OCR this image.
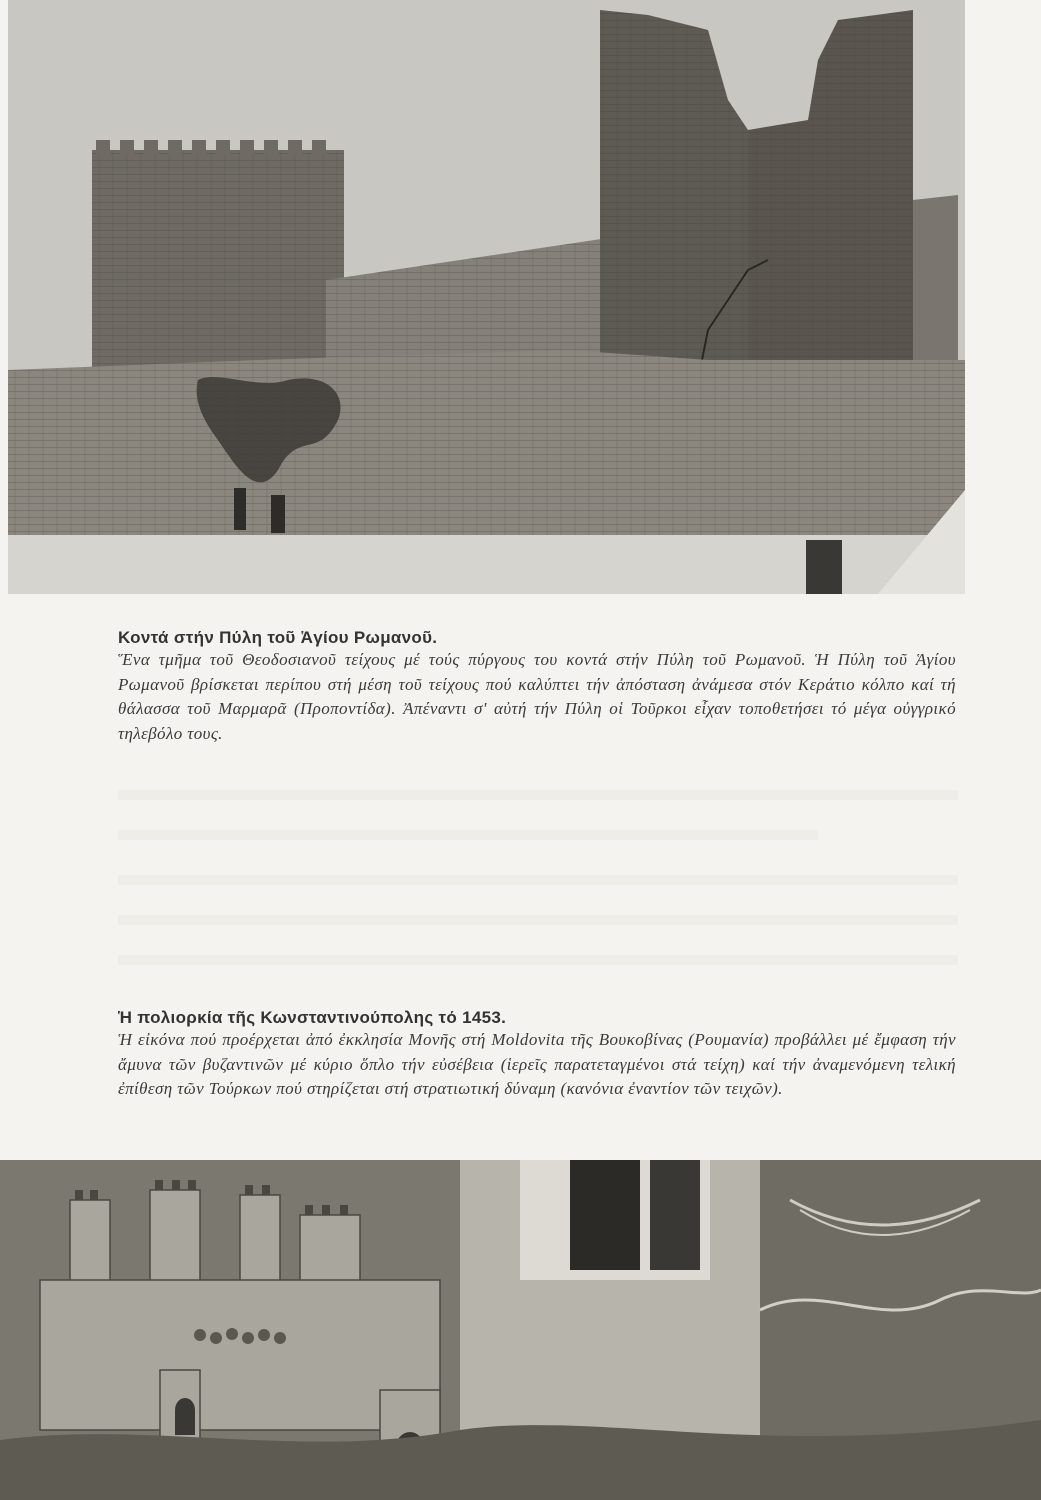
Κοντά στήν Πύλη τοῦ Ἁγίου Ρωμανοῦ.
Ἕνα τμῆμα τοῦ Θεοδοσιανοῦ τείχους μέ τούς πύργους του κοντά στήν Πύλη τοῦ Ρωμανοῦ. Ἡ Πύλη τοῦ Ἁγίου Ρωμανοῦ βρίσκεται περίπου στή μέση τοῦ τείχους πού καλύπτει τήν ἀπόσταση ἀνάμεσα στόν Κεράτιο κόλπο καί τή θάλασσα τοῦ Μαρμαρᾶ (Προποντίδα). Ἀπέναντι σ' αὐτή τήν Πύλη οἱ Τοῦρκοι εἶχαν τοποθετήσει τό μέγα οὐγγρικό τηλεβόλο τους.
Ἡ πολιορκία τῆς Κωνσταντινούπολης τό 1453.
Ἡ εἰκόνα πού προέρχεται ἀπό ἐκκλησία Μονῆς στή Moldovita τῆς Βουκοβίνας (Ρουμανία) προβάλλει μέ ἔμφαση τήν ἄμυνα τῶν βυζαντινῶν μέ κύριο ὅπλο τήν εὐσέβεια (ἱερεῖς παρατεταγμένοι στά τείχη) καί τήν ἀναμενόμενη τελική ἐπίθεση τῶν Τούρκων πού στηρίζεται στή στρατιωτική δύναμη (κανόνια ἐναντίον τῶν τειχῶν).
